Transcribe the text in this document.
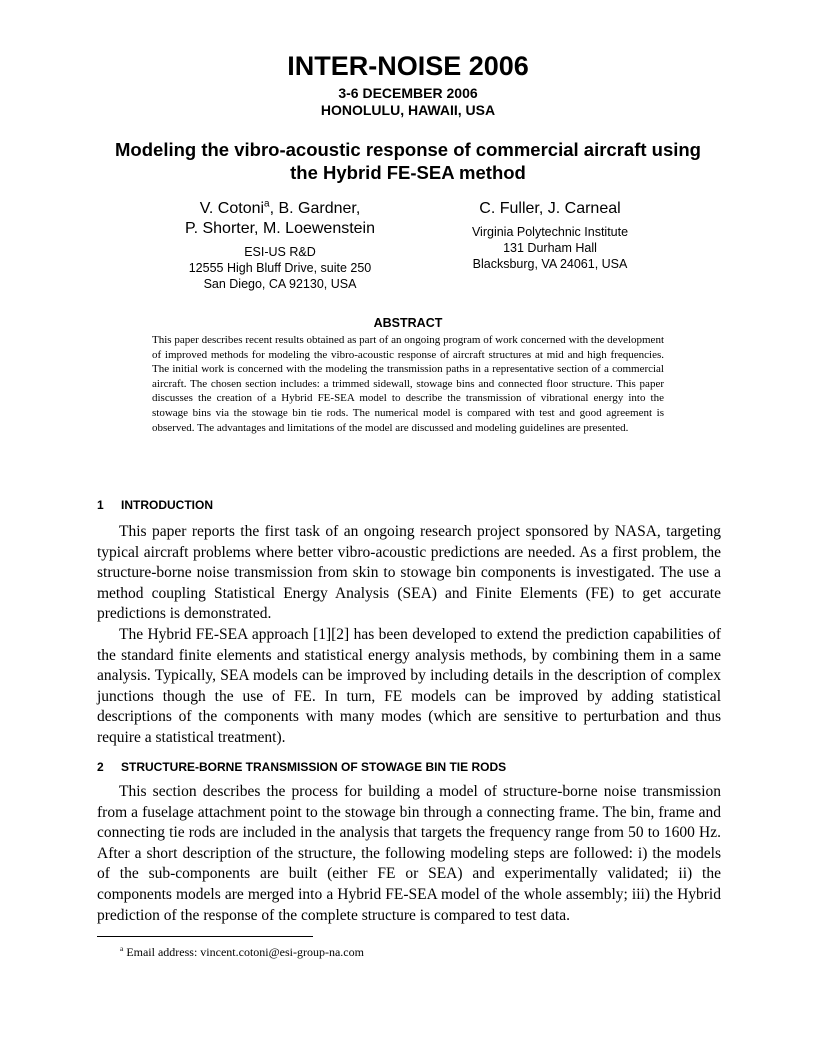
INTER-NOISE 2006
3-6 DECEMBER 2006
HONOLULU, HAWAII, USA
Modeling the vibro-acoustic response of commercial aircraft using
the Hybrid FE-SEA method
V. Cotoni$^a$, B. Gardner,
P. Shorter, M. Loewenstein
ESI-US R&D
12555 High Bluff Drive, suite 250
San Diego, CA 92130, USA
C. Fuller, J. Carneal
Virginia Polytechnic Institute
131 Durham Hall
Blacksburg, VA 24061, USA
ABSTRACT
This paper describes recent results obtained as part of an ongoing program of work concerned with the development of improved methods for modeling the vibro-acoustic response of aircraft structures at mid and high frequencies. The initial work is concerned with the modeling the transmission paths in a representative section of a commercial aircraft. The chosen section includes: a trimmed sidewall, stowage bins and connected floor structure. This paper discusses the creation of a Hybrid FE-SEA model to describe the transmission of vibrational energy into the stowage bins via the stowage bin tie rods. The numerical model is compared with test and good agreement is observed. The advantages and limitations of the model are discussed and modeling guidelines are presented.
1 INTRODUCTION

This paper reports the first task of an ongoing research project sponsored by NASA, targeting typical aircraft problems where better vibro-acoustic predictions are needed. As a first problem, the structure-borne noise transmission from skin to stowage bin components is investigated. The use a method coupling Statistical Energy Analysis (SEA) and Finite Elements (FE) to get accurate predictions is demonstrated.

The Hybrid FE-SEA approach [1][2] has been developed to extend the prediction capabilities of the standard finite elements and statistical energy analysis methods, by combining them in a same analysis. Typically, SEA models can be improved by including details in the description of complex junctions though the use of FE. In turn, FE models can be improved by adding statistical descriptions of the components with many modes (which are sensitive to perturbation and thus require a statistical treatment).

2 STRUCTURE-BORNE TRANSMISSION OF STOWAGE BIN TIE RODS

This section describes the process for building a model of structure-borne noise transmission from a fuselage attachment point to the stowage bin through a connecting frame. The bin, frame and connecting tie rods are included in the analysis that targets the frequency range from 50 to 1600 Hz. After a short description of the structure, the following modeling steps are followed: i) the models of the sub-components are built (either FE or SEA) and experimentally validated; ii) the components models are merged into a Hybrid FE-SEA model of the whole assembly; iii) the Hybrid prediction of the response of the complete structure is compared to test data.

$^a$ Email address: vincent.cotoni@esi-group-na.com
